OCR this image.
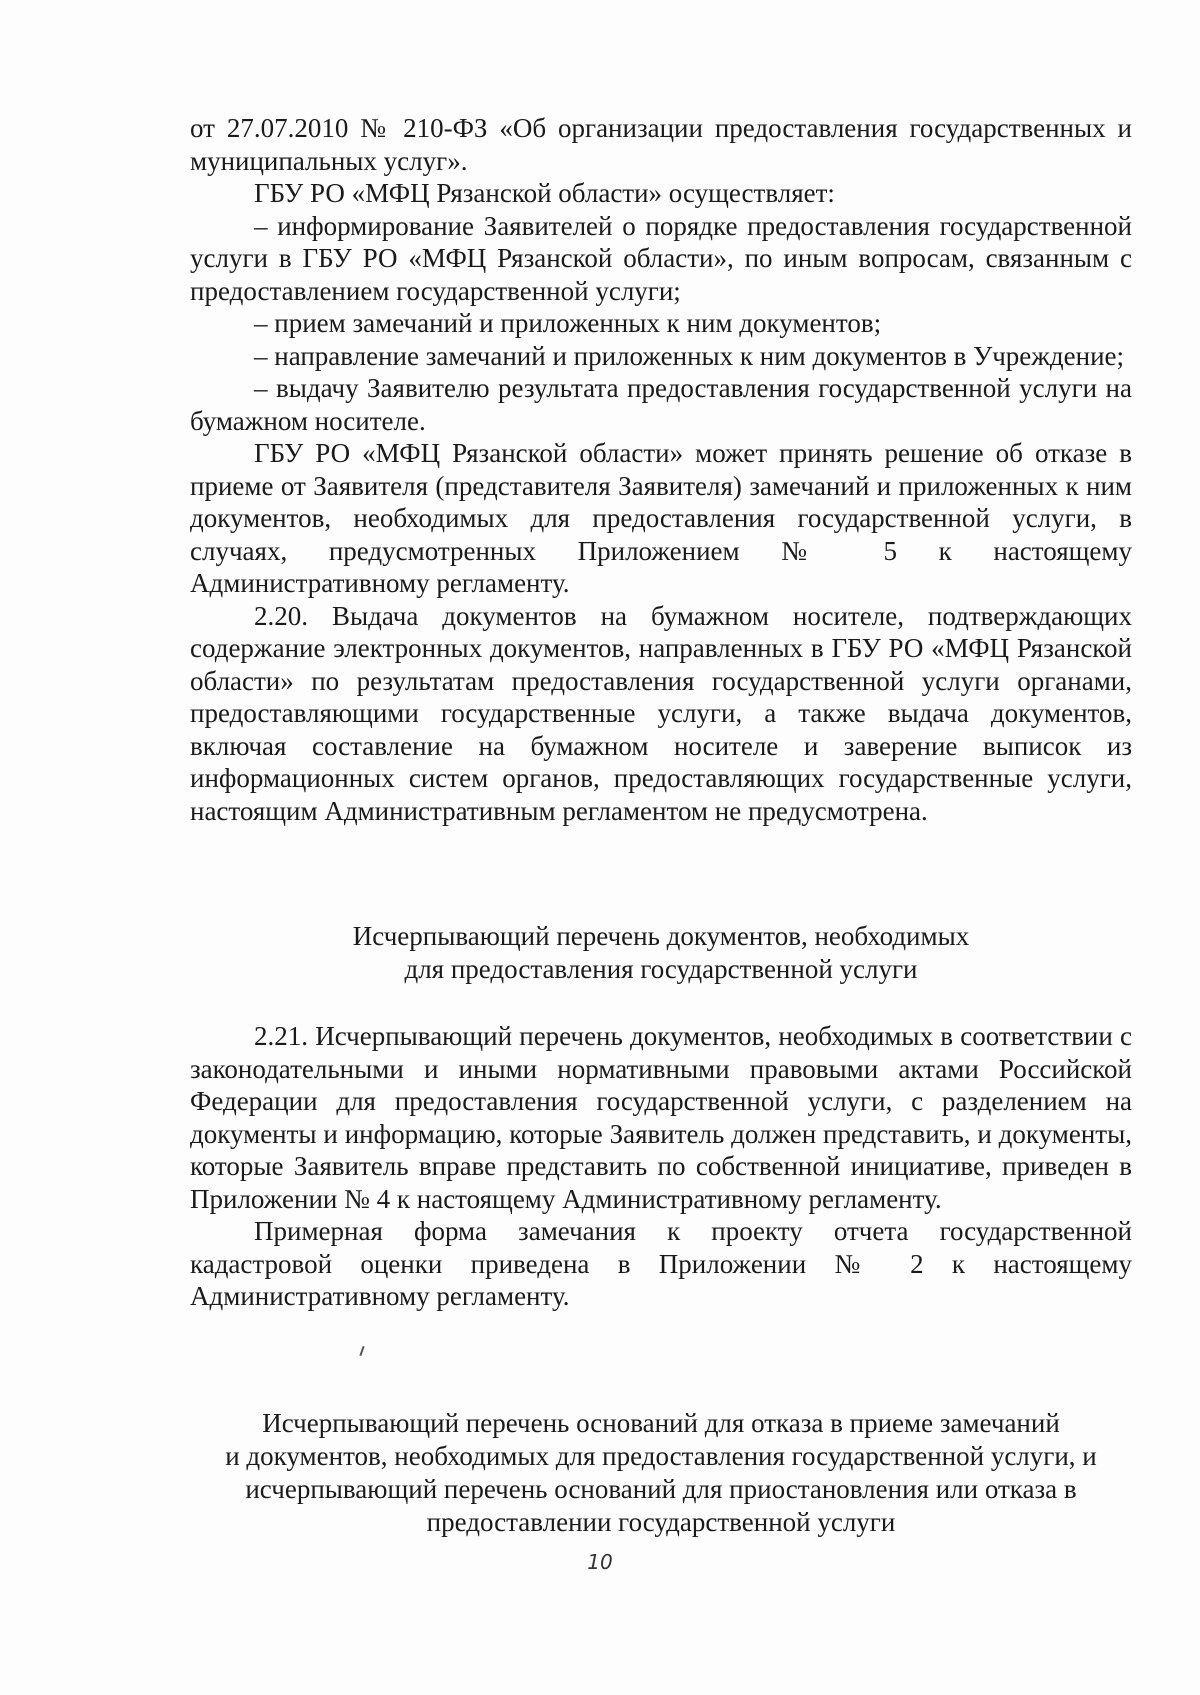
от 27.07.2010 № 210-ФЗ «Об организации предоставления государственных и муниципальных услуг».

ГБУ РО «МФЦ Рязанской области» осуществляет:

– информирование Заявителей о порядке предоставления государственной услуги в ГБУ РО «МФЦ Рязанской области», по иным вопросам, связанным с предоставлением государственной услуги;

– прием замечаний и приложенных к ним документов;

– направление замечаний и приложенных к ним документов в Учреждение;

– выдачу Заявителю результата предоставления государственной услуги на бумажном носителе.

ГБУ РО «МФЦ Рязанской области» может принять решение об отказе в приеме от Заявителя (представителя Заявителя) замечаний и приложенных к ним документов, необходимых для предоставления государственной услуги, в случаях, предусмотренных Приложением № 5 к настоящему Административному регламенту.

2.20. Выдача документов на бумажном носителе, подтверждающих содержание электронных документов, направленных в ГБУ РО «МФЦ Рязанской области» по результатам предоставления государственной услуги органами, предоставляющими государственные услуги, а также выдача документов, включая составление на бумажном носителе и заверение выписок из информационных систем органов, предоставляющих государственные услуги, настоящим Административным регламентом не предусмотрена.

Исчерпывающий перечень документов, необходимых
для предоставления государственной услуги

2.21. Исчерпывающий перечень документов, необходимых в соответствии с законодательными и иными нормативными правовыми актами Российской Федерации для предоставления государственной услуги, с разделением на документы и информацию, которые Заявитель должен представить, и документы, которые Заявитель вправе представить по собственной инициативе, приведен в Приложении № 4 к настоящему Административному регламенту.

Примерная форма замечания к проекту отчета государственной кадастровой оценки приведена в Приложении № 2 к настоящему Административному регламенту.

Исчерпывающий перечень оснований для отказа в приеме замечаний
и документов, необходимых для предоставления государственной услуги, и
исчерпывающий перечень оснований для приостановления или отказа в
предоставлении государственной услуги
10
